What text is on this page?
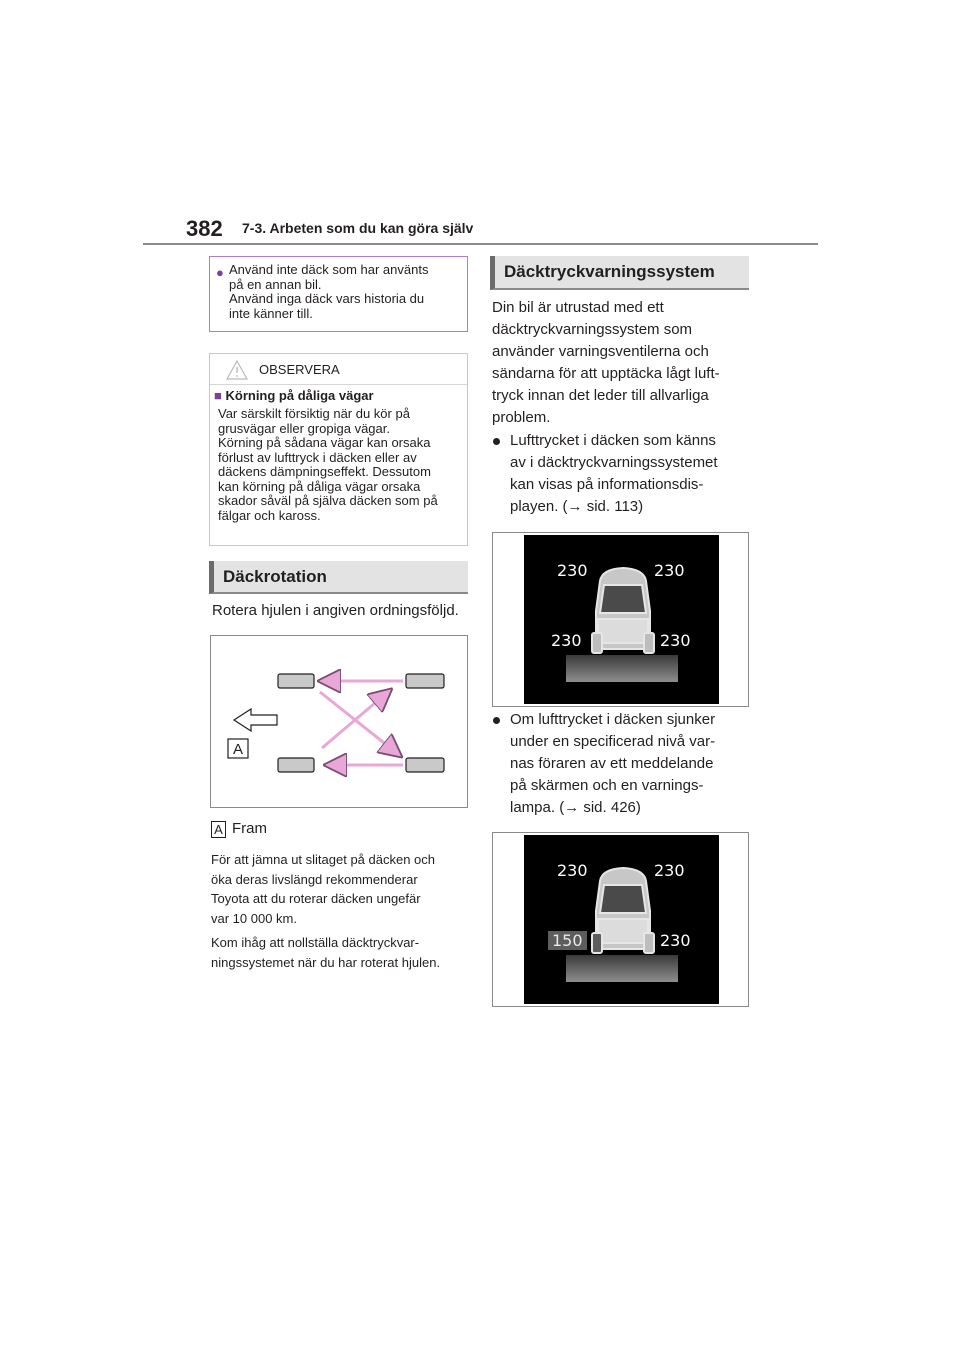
382 7-3. Arbeten som du kan göra själv
● Använd inte däck som har använts
på en annan bil.
Använd inga däck vars historia du
inte känner till.
OBSERVERA
■ Körning på dåliga vägar
Var särskilt försiktig när du kör på
grusvägar eller gropiga vägar.
Körning på sådana vägar kan orsaka
förlust av lufttryck i däcken eller av
däckens dämpningseffekt. Dessutom
kan körning på dåliga vägar orsaka
skador såväl på själva däcken som på
fälgar och kaross.
Däckrotation
Rotera hjulen i angiven ordningsföljd.
A
A Fram
För att jämna ut slitaget på däcken och
öka deras livslängd rekommenderar
Toyota att du roterar däcken ungefär
var 10 000 km.
Kom ihåg att nollställa däcktryckvar-
ningssystemet när du har roterat hjulen.
Däcktryckvarningssystem
Din bil är utrustad med ett
däcktryckvarningssystem som
använder varningsventilerna och
sändarna för att upptäcka lågt luft-
tryck innan det leder till allvarliga
problem.
Lufttrycket i däcken som känns
av i däcktryckvarningssystemet
kan visas på informationsdis-
playen. (→ sid. 113)
230	230
230	230
Om lufttrycket i däcken sjunker
under en specificerad nivå var-
nas föraren av ett meddelande
på skärmen och en varnings-
lampa. (→ sid. 426)
230	230
150	230
